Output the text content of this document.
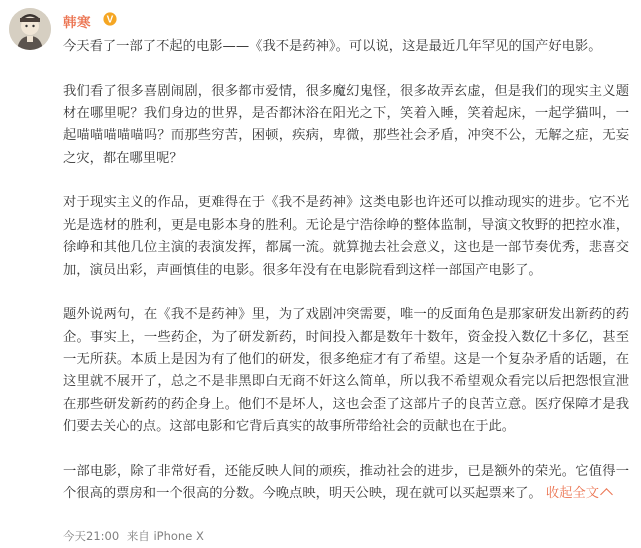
韩寒 V

今天看了一部了不起的电影——《我不是药神》。可以说，这是最近几年罕见的国产好电影。

我们看了很多喜剧闹剧，很多都市爱情，很多魔幻鬼怪，很多故弄玄虚，但是我们的现实主义题材在哪里呢？我们身边的世界，是否都沐浴在阳光之下，笑着入睡，笑着起床，一起学猫叫，一起喵喵喵喵喵吗？而那些穷苦，困顿，疾病，卑微，那些社会矛盾，冲突不公，无解之症，无妄之灾，都在哪里呢？

对于现实主义的作品，更难得在于《我不是药神》这类电影也许还可以推动现实的进步。它不光光是选材的胜利，更是电影本身的胜利。无论是宁浩徐峥的整体监制，导演文牧野的把控水准，徐峥和其他几位主演的表演发挥，都属一流。就算抛去社会意义，这也是一部节奏优秀，悲喜交加，演员出彩，声画慎佳的电影。很多年没有在电影院看到这样一部国产电影了。

题外说两句，在《我不是药神》里，为了戏剧冲突需要，唯一的反面角色是那家研发出新药的药企。事实上，一些药企，为了研发新药，时间投入都是数年十数年，资金投入数亿十多亿，甚至一无所获。本质上是因为有了他们的研发，很多绝症才有了希望。这是一个复杂矛盾的话题，在这里就不展开了，总之不是非黑即白无商不奸这么简单，所以我不希望观众看完以后把怨恨宣泄在那些研发新药的药企身上。他们不是坏人，这也会歪了这部片子的良苦立意。医疗保障才是我们要去关心的点。这部电影和它背后真实的故事所带给社会的贡献也在于此。

一部电影，除了非常好看，还能反映人间的顽疾，推动社会的进步，已是额外的荣光。它值得一个很高的票房和一个很高的分数。今晚点映，明天公映，现在就可以买起票来了。 收起全文

今天21:00 来自 iPhone X
